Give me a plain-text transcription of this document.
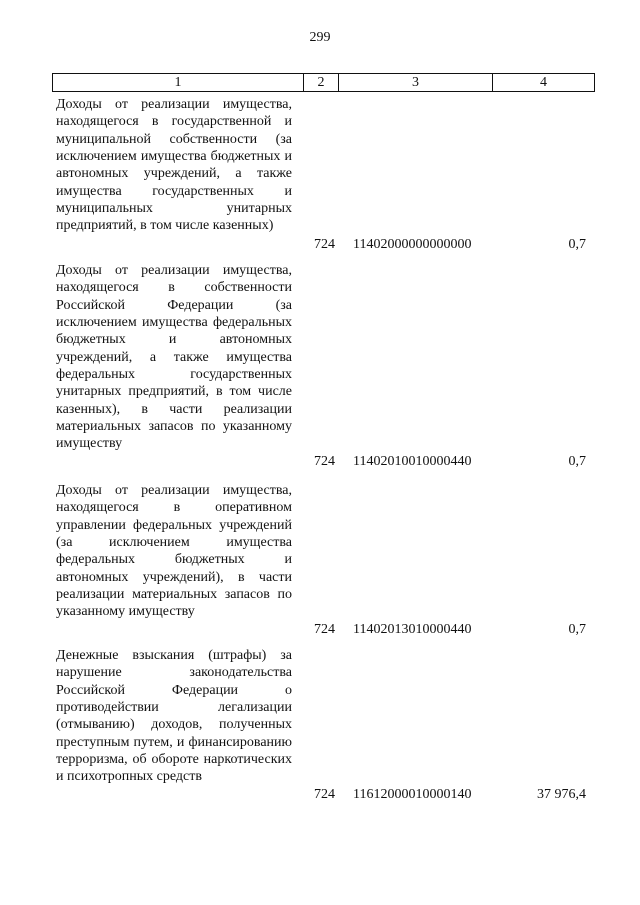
299
1	2	3	4
Доходы от реализации имущества, находящегося в государственной и муниципальной собственности (за исключением имущества бюджетных и автономных учреждений, а также имущества государственных и муниципальных унитарных предприятий, в том числе казенных)
724 11402000000000000	0,7
Доходы от реализации имущества, находящегося в собственности Российской Федерации (за исключением имущества федеральных бюджетных и автономных учреждений, а также имущества федеральных государственных унитарных предприятий, в том числе казенных), в части реализации материальных запасов по указанному имуществу
724 11402010010000440	0,7
Доходы от реализации имущества, находящегося в оперативном управлении федеральных учреждений (за исключением имущества федеральных бюджетных и автономных учреждений), в части реализации материальных запасов по указанному имуществу
724 11402013010000440	0,7
Денежные взыскания (штрафы) за нарушение законодательства Российской Федерации о противодействии легализации (отмыванию) доходов, полученных преступным путем, и финансированию терроризма, об обороте наркотических и психотропных средств
724 11612000010000140	37 976,4
